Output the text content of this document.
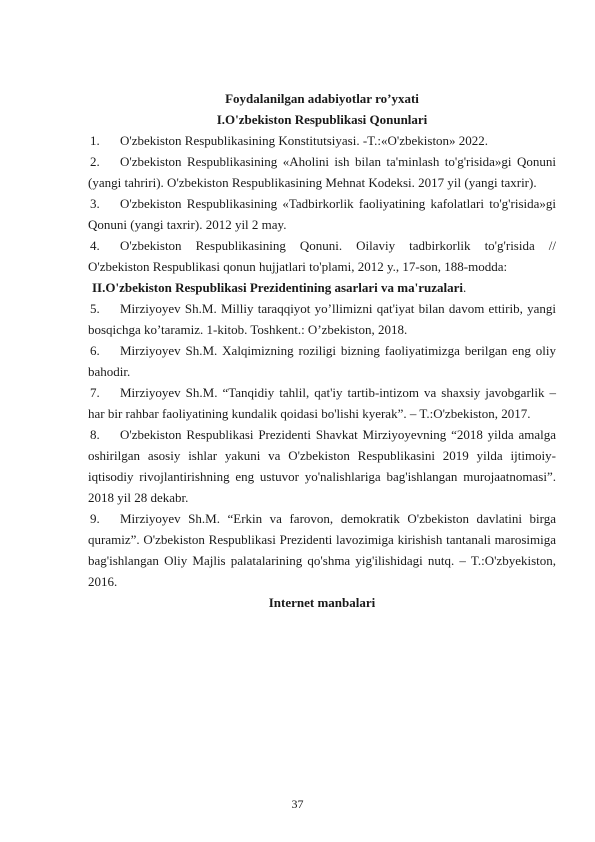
Foydalanilgan adabiyotlar ro’yxati

I.O'zbekiston Respublikasi Qonunlari

1.	O'zbekiston Respublikasining Konstitutsiyasi. -T.:«O'zbekiston» 2022.

2.	O'zbekiston Respublikasining «Aholini ish bilan ta'minlash to'g'risida»gi Qonuni (yangi tahriri). O'zbekiston Respublikasining Mehnat Kodeksi. 2017 yil (yangi taxrir).

3.	O'zbekiston Respublikasining «Tadbirkorlik faoliyatining kafolatlari to'g'risida»gi Qonuni (yangi taxrir). 2012 yil 2 may.

4.	O'zbekiston Respublikasining Qonuni. Oilaviy tadbirkorlik to'g'risida // O'zbekiston Respublikasi qonun hujjatlari to'plami, 2012 y., 17-son, 188-modda:

II.O'zbekiston Respublikasi Prezidentining asarlari va ma'ruzalari.

5.	Mirziyoyev Sh.M. Milliy taraqqiyot yo’llimizni qat'iyat bilan davom ettirib, yangi bosqichga ko’taramiz. 1-kitob. Toshkent.: O’zbekiston, 2018.

6.	Mirziyoyev Sh.M. Xalqimizning roziligi bizning faoliyatimizga berilgan eng oliy bahodir.

7.	Mirziyoyev Sh.M. “Tanqidiy tahlil, qat'iy tartib-intizom va shaxsiy javobgarlik – har bir rahbar faoliyatining kundalik qoidasi bo'lishi kyerak”. – T.:O'zbekiston, 2017.

8.	O'zbekiston Respublikasi Prezidenti Shavkat Mirziyoyevning “2018 yilda amalga oshirilgan asosiy ishlar yakuni va O'zbekiston Respublikasini 2019 yilda ijtimoiy-iqtisodiy rivojlantirishning eng ustuvor yo'nalishlariga bag'ishlangan murojaatnomasi”. 2018 yil 28 dekabr.

9.	Mirziyoyev Sh.M. “Erkin va farovon, demokratik O'zbekiston davlatini birga quramiz”. O'zbekiston Respublikasi Prezidenti lavozimiga kirishish tantanali marosimiga bag'ishlangan Oliy Majlis palatalarining qo'shma yig'ilishidagi nutq. – T.:O'zbyekiston, 2016.

Internet manbalari

37
